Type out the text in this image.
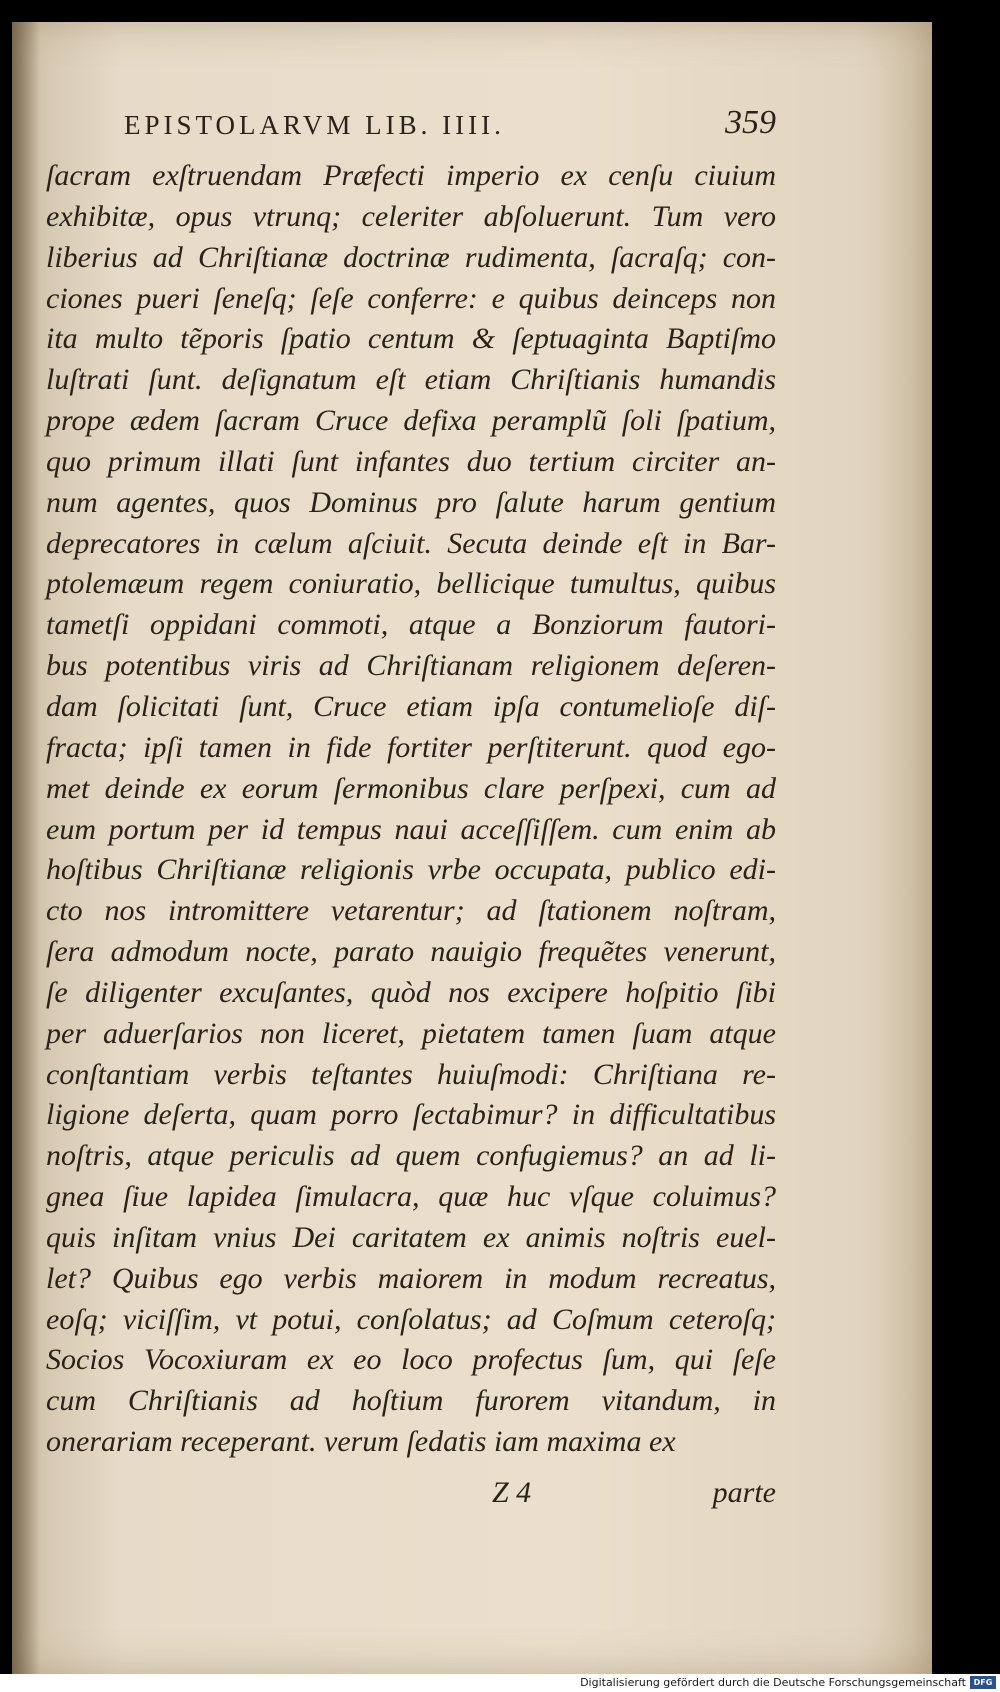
EPISTOLARVM LIB. IIII.	359
ſacram exſtruendam Præfecti imperio ex cenſu ciuium
exhibitæ, opus vtrunq; celeriter abſoluerunt. Tum vero
liberius ad Chriſtianæ doctrinæ rudimenta, ſacraſq; con-
ciones pueri ſeneſq; ſeſe conferre: e quibus deinceps non
ita multo tẽporis ſpatio centum & ſeptuaginta Baptiſmo
luſtrati ſunt. deſignatum eſt etiam Chriſtianis humandis
prope ædem ſacram Cruce defixa peramplũ ſoli ſpatium,
quo primum illati ſunt infantes duo tertium circiter an-
num agentes, quos Dominus pro ſalute harum gentium
deprecatores in cælum aſciuit. Secuta deinde eſt in Bar-
ptolemæum regem coniuratio, bellicique tumultus, quibus
tametſi oppidani commoti, atque a Bonziorum fautori-
bus potentibus viris ad Chriſtianam religionem deſeren-
dam ſolicitati ſunt, Cruce etiam ipſa contumelioſe diſ-
fracta; ipſi tamen in fide fortiter perſtiterunt. quod ego-
met deinde ex eorum ſermonibus clare perſpexi, cum ad
eum portum per id tempus naui acceſſiſſem. cum enim ab
hoſtibus Chriſtianæ religionis vrbe occupata, publico edi-
cto nos intromittere vetarentur; ad ſtationem noſtram,
ſera admodum nocte, parato nauigio frequẽtes venerunt,
ſe diligenter excuſantes, quòd nos excipere hoſpitio ſibi
per aduerſarios non liceret, pietatem tamen ſuam atque
conſtantiam verbis teſtantes huiuſmodi: Chriſtiana re-
ligione deſerta, quam porro ſectabimur? in difficultatibus
noſtris, atque periculis ad quem confugiemus? an ad li-
gnea ſiue lapidea ſimulacra, quæ huc vſque coluimus?
quis inſitam vnius Dei caritatem ex animis noſtris euel-
let? Quibus ego verbis maiorem in modum recreatus,
eoſq; viciſſim, vt potui, conſolatus; ad Coſmum ceteroſq;
Socios Vocoxiuram ex eo loco profectus ſum, qui ſeſe
cum Chriſtianis ad hoſtium furorem vitandum, in
onerariam receperant. verum ſedatis iam maxima ex
Z 4	parte
Digitalisierung gefördert durch die Deutsche Forschungsgemeinschaft DFG
